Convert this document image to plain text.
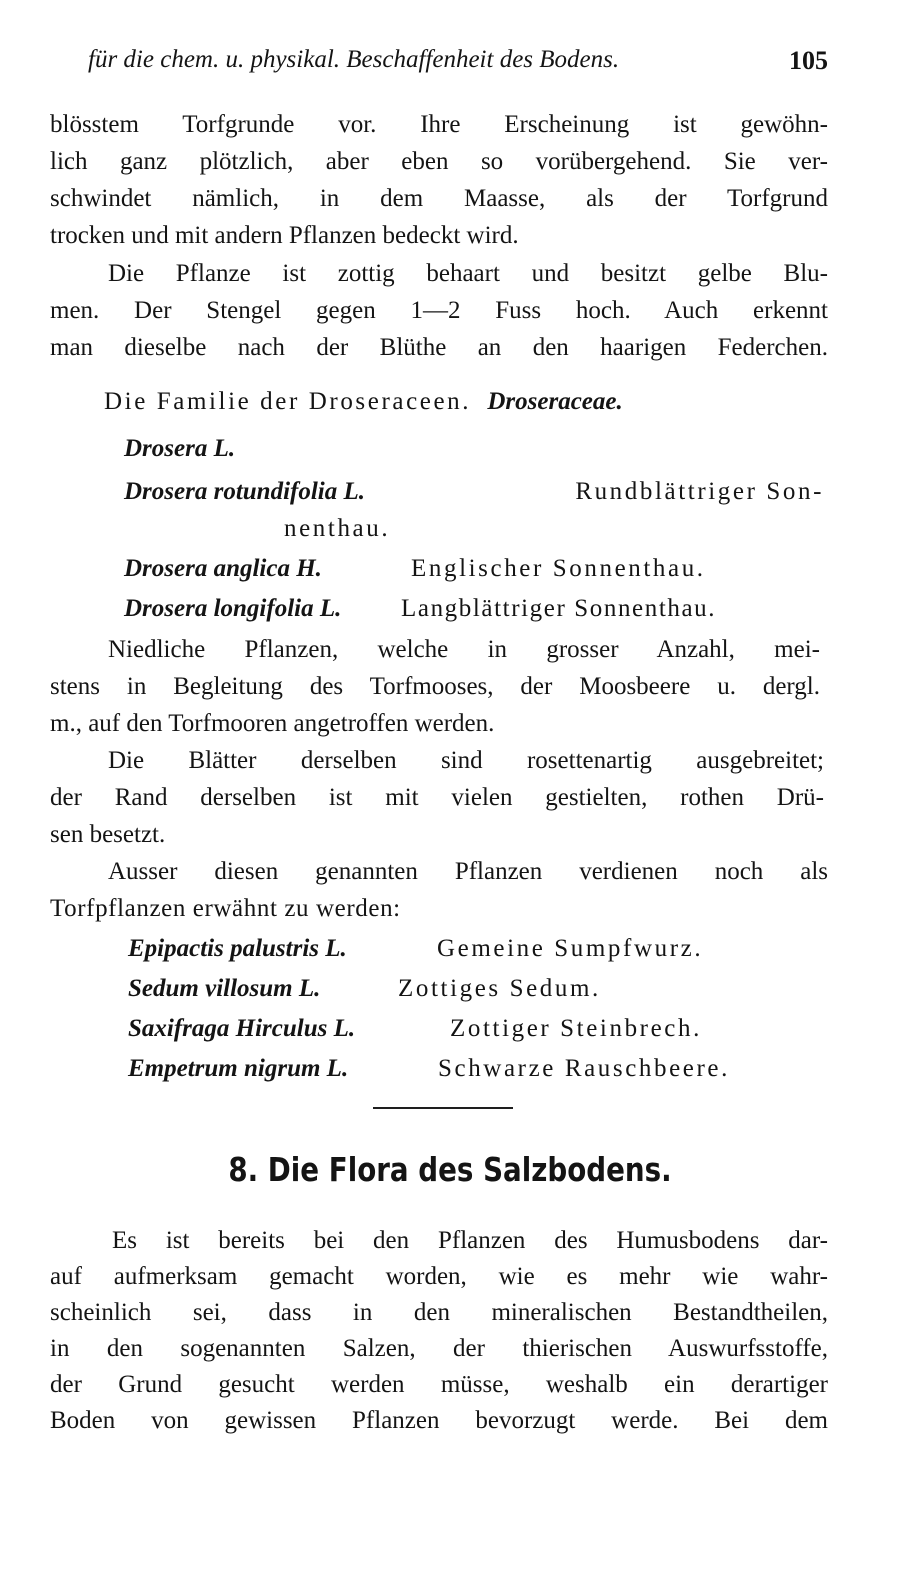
für die chem. u. physikal. Beschaffenheit des Bodens.	105
blösstem Torfgrunde vor. Ihre Erscheinung ist gewöhn-
lich ganz plötzlich, aber eben so vorübergehend. Sie ver-
schwindet nämlich, in dem Maasse, als der Torfgrund
trocken und mit andern Pflanzen bedeckt wird.
Die Pflanze ist zottig behaart und besitzt gelbe Blu-
men. Der Stengel gegen 1—2 Fuss hoch. Auch erkennt
man dieselbe nach der Blüthe an den haarigen Federchen.
Die Familie der Droseraceen. Droseraceae.
Drosera L.
Drosera rotundifolia L.	Rundblättriger Son-
nenthau.
Drosera anglica H.	Englischer Sonnenthau.
Drosera longifolia L. Langblättriger Sonnenthau.
Niedliche Pflanzen, welche in grosser Anzahl, mei-
stens in Begleitung des Torfmooses, der Moosbeere u. dergl.
m., auf den Torfmooren angetroffen werden.
Die Blätter derselben sind rosettenartig ausgebreitet;
der Rand derselben ist mit vielen gestielten, rothen Drü-
sen besetzt.
Ausser diesen genannten Pflanzen verdienen noch als
Torfpflanzen erwähnt zu werden:
Epipactis palustris L.	Gemeine Sumpfwurz.
Sedum villosum L.	Zottiges Sedum.
Saxifraga Hirculus L.	Zottiger Steinbrech.
Empetrum nigrum L.	Schwarze Rauschbeere.
8. Die Flora des Salzbodens.
Es ist bereits bei den Pflanzen des Humusbodens dar-
auf aufmerksam gemacht worden, wie es mehr wie wahr-
scheinlich sei, dass in den mineralischen Bestandtheilen,
in den sogenannten Salzen, der thierischen Auswurfsstoffe,
der Grund gesucht werden müsse, weshalb ein derartiger
Boden von gewissen Pflanzen bevorzugt werde. Bei dem
